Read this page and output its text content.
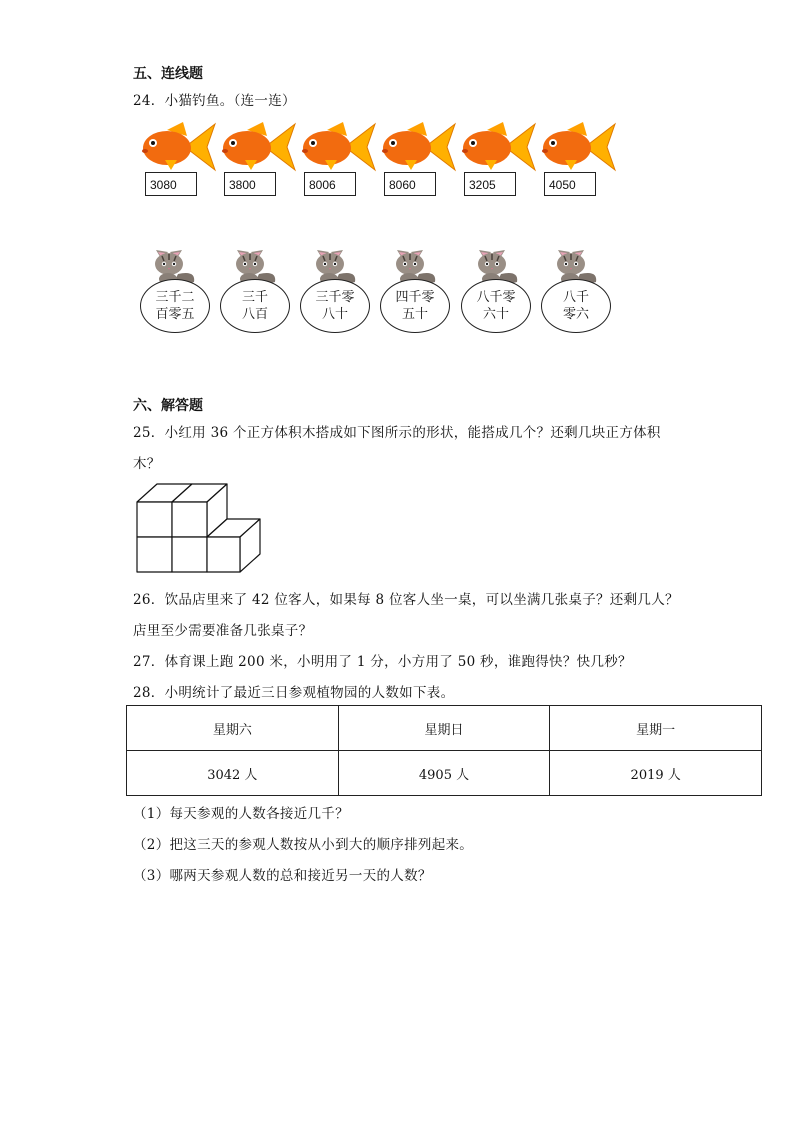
五、连线题
24．小猫钓鱼。（连一连）
3080	3800	8006	8060	3205	4050
三千二
百零五
三千
八百
三千零
八十
四千零
五十
八千零
六十
八千
零六
六、解答题
25．小红用 36 个正方体积木搭成如下图所示的形状，能搭成几个？还剩几块正方体积
木？
26．饮品店里来了 42 位客人，如果每 8 位客人坐一桌，可以坐满几张桌子？还剩几人？
店里至少需要准备几张桌子？
27．体育课上跑 200 米，小明用了 1 分，小方用了 50 秒，谁跑得快？快几秒？
28．小明统计了最近三日参观植物园的人数如下表。
星期六	星期日	星期一
3042 人	4905 人	2019 人
（1）每天参观的人数各接近几千？
（2）把这三天的参观人数按从小到大的顺序排列起来。
（3）哪两天参观人数的总和接近另一天的人数？
